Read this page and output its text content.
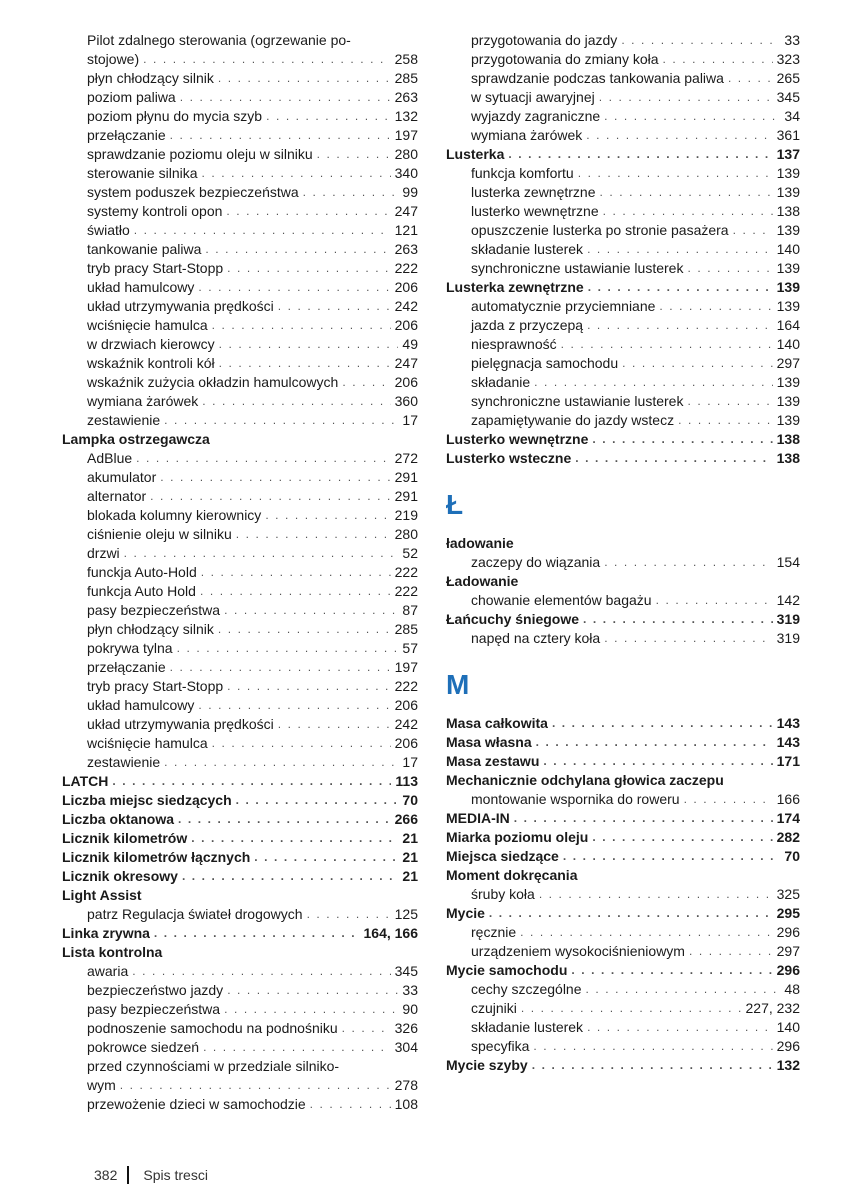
Pilot zdalnego sterowania (ogrzewanie po-
stojowe) . . .	258
płyn chłodzący silnik . . .	285
poziom paliwa . . .	263
poziom płynu do mycia szyb . . .	132
przełączanie . . .	197
sprawdzanie poziomu oleju w silniku . . .	280
sterowanie silnika . . .	340
system poduszek bezpieczeństwa . . .	99
systemy kontroli opon . . .	247
światło . . .	121
tankowanie paliwa . . .	263
tryb pracy Start-Stopp . . .	222
układ hamulcowy . . .	206
układ utrzymywania prędkości . . .	242
wciśnięcie hamulca . . .	206
w drzwiach kierowcy . . .	49
wskaźnik kontroli kół . . .	247
wskaźnik zużycia okładzin hamulcowych . . .	206
wymiana żarówek . . .	360
zestawienie . . .	17
Lampka ostrzegawcza
AdBlue . . .	272
akumulator . . .	291
alternator . . .	291
blokada kolumny kierownicy . . .	219
ciśnienie oleju w silniku . . .	280
drzwi . . .	52
funckja Auto-Hold . . .	222
funkcja Auto Hold . . .	222
pasy bezpieczeństwa . . .	87
płyn chłodzący silnik . . .	285
pokrywa tylna . . .	57
przełączanie . . .	197
tryb pracy Start-Stopp . . .	222
układ hamulcowy . . .	206
układ utrzymywania prędkości . . .	242
wciśnięcie hamulca . . .	206
zestawienie . . .	17
LATCH . . .	113
Liczba miejsc siedzących . . .	70
Liczba oktanowa . . .	266
Licznik kilometrów . . .	21
Licznik kilometrów łącznych . . .	21
Licznik okresowy . . .	21
Light Assist
patrz Regulacja świateł drogowych . . .	125
Linka zrywna . . .	164, 166
Lista kontrolna
awaria . . .	345
bezpieczeństwo jazdy . . .	33
pasy bezpieczeństwa . . .	90
podnoszenie samochodu na podnośniku . . .	326
pokrowce siedzeń . . .	304
przed czynnościami w przedziale silniko-
wym . . .	278
przewożenie dzieci w samochodzie . . .	108
przygotowania do jazdy . . .	33
przygotowania do zmiany koła . . .	323
sprawdzanie podczas tankowania paliwa . . .	265
w sytuacji awaryjnej . . .	345
wyjazdy zagraniczne . . .	34
wymiana żarówek . . .	361
Lusterka . . .	137
funkcja komfortu . . .	139
lusterka zewnętrzne . . .	139
lusterko wewnętrzne . . .	138
opuszczenie lusterka po stronie pasażera . . .	139
składanie lusterek . . .	140
synchroniczne ustawianie lusterek . . .	139
Lusterka zewnętrzne . . .	139
automatycznie przyciemniane . . .	139
jazda z przyczepą . . .	164
niesprawność . . .	140
pielęgnacja samochodu . . .	297
składanie . . .	139
synchroniczne ustawianie lusterek . . .	139
zapamiętywanie do jazdy wstecz . . .	139
Lusterko wewnętrzne . . .	138
Lusterko wsteczne . . .	138
Ł
ładowanie
zaczepy do wiązania . . .	154
Ładowanie
chowanie elementów bagażu . . .	142
Łańcuchy śniegowe . . .	319
napęd na cztery koła . . .	319
M
Masa całkowita . . .	143
Masa własna . . .	143
Masa zestawu . . .	171
Mechanicznie odchylana głowica zaczepu
montowanie wspornika do roweru . . .	166
MEDIA-IN . . .	174
Miarka poziomu oleju . . .	282
Miejsca siedzące . . .	70
Moment dokręcania
śruby koła . . .	325
Mycie . . .	295
ręcznie . . .	296
urządzeniem wysokociśnieniowym . . .	297
Mycie samochodu . . .	296
cechy szczególne . . .	48
czujniki . . .	227, 232
składanie lusterek . . .	140
specyfika . . .	296
Mycie szyby . . .	132
382 Spis tresci
